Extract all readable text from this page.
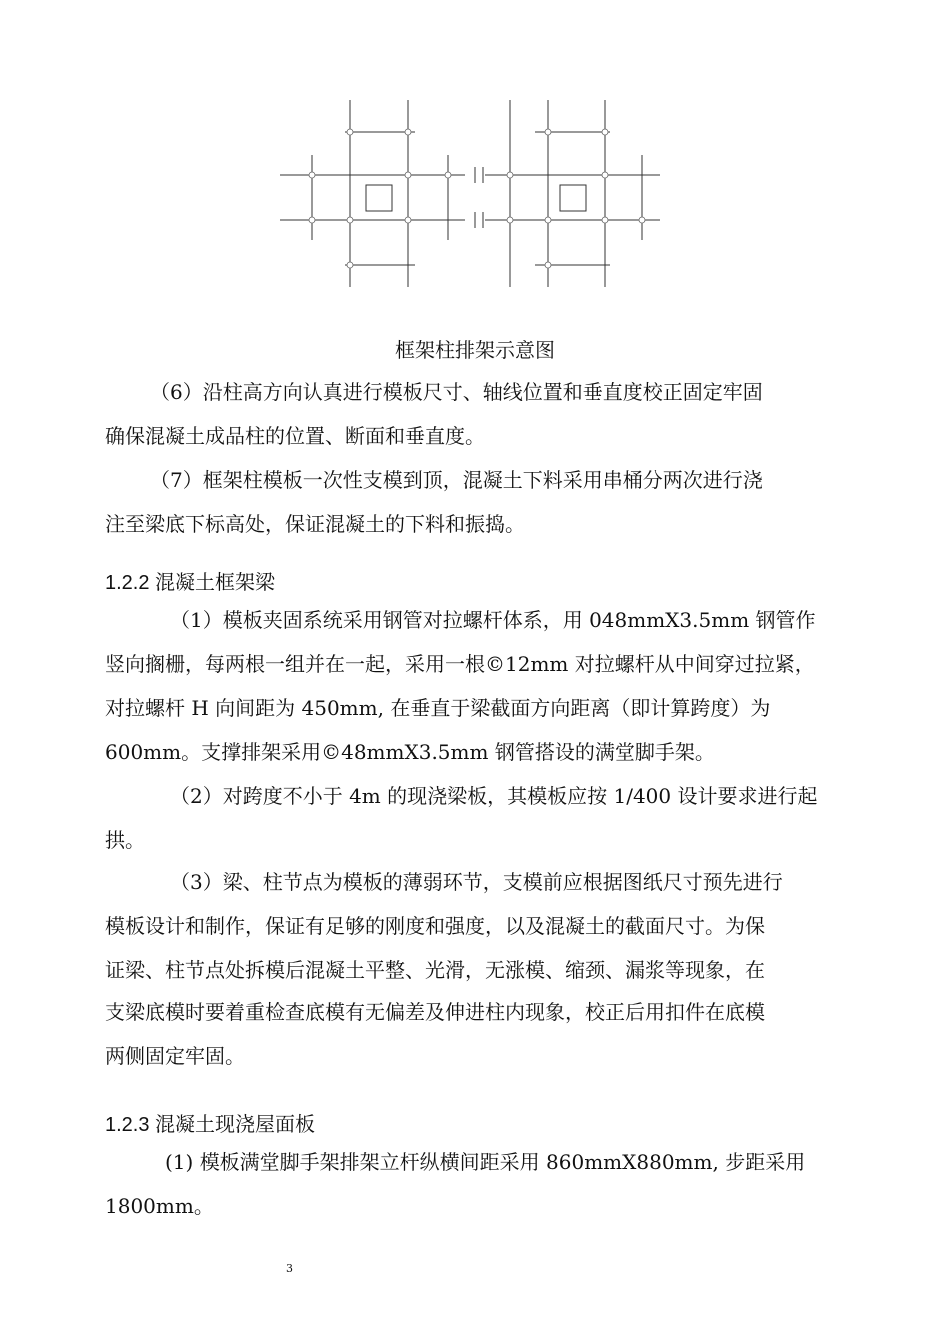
框架柱排架示意图
（6）沿柱高方向认真进行模板尺寸、轴线位置和垂直度校正固定牢固
确保混凝土成品柱的位置、断面和垂直度。
（7）框架柱模板一次性支模到顶，混凝土下料采用串桶分两次进行浇
注至梁底下标高处，保证混凝土的下料和振捣。
1.2.2 混凝土框架梁
（1）模板夹固系统采用钢管对拉螺杆体系，用 048mmX3.5mm 钢管作
竖向搁栅，每两根一组并在一起，采用一根©12mm 对拉螺杆从中间穿过拉紧，
对拉螺杆 H 向间距为 450mm, 在垂直于梁截面方向距离（即计算跨度）为
600mm。支撑排架采用©48mmX3.5mm 钢管搭设的满堂脚手架。
（2）对跨度不小于 4m 的现浇梁板，其模板应按 1/400 设计要求进行起
拱。
（3）梁、柱节点为模板的薄弱环节，支模前应根据图纸尺寸预先进行
模板设计和制作，保证有足够的刚度和强度，以及混凝土的截面尺寸。为保
证梁、柱节点处拆模后混凝土平整、光滑，无涨模、缩颈、漏浆等现象，在
支梁底模时要着重检查底模有无偏差及伸进柱内现象，校正后用扣件在底模
两侧固定牢固。
1.2.3 混凝土现浇屋面板
(1) 模板满堂脚手架排架立杆纵横间距采用 860mmX880mm, 步距采用
1800mm。
3
